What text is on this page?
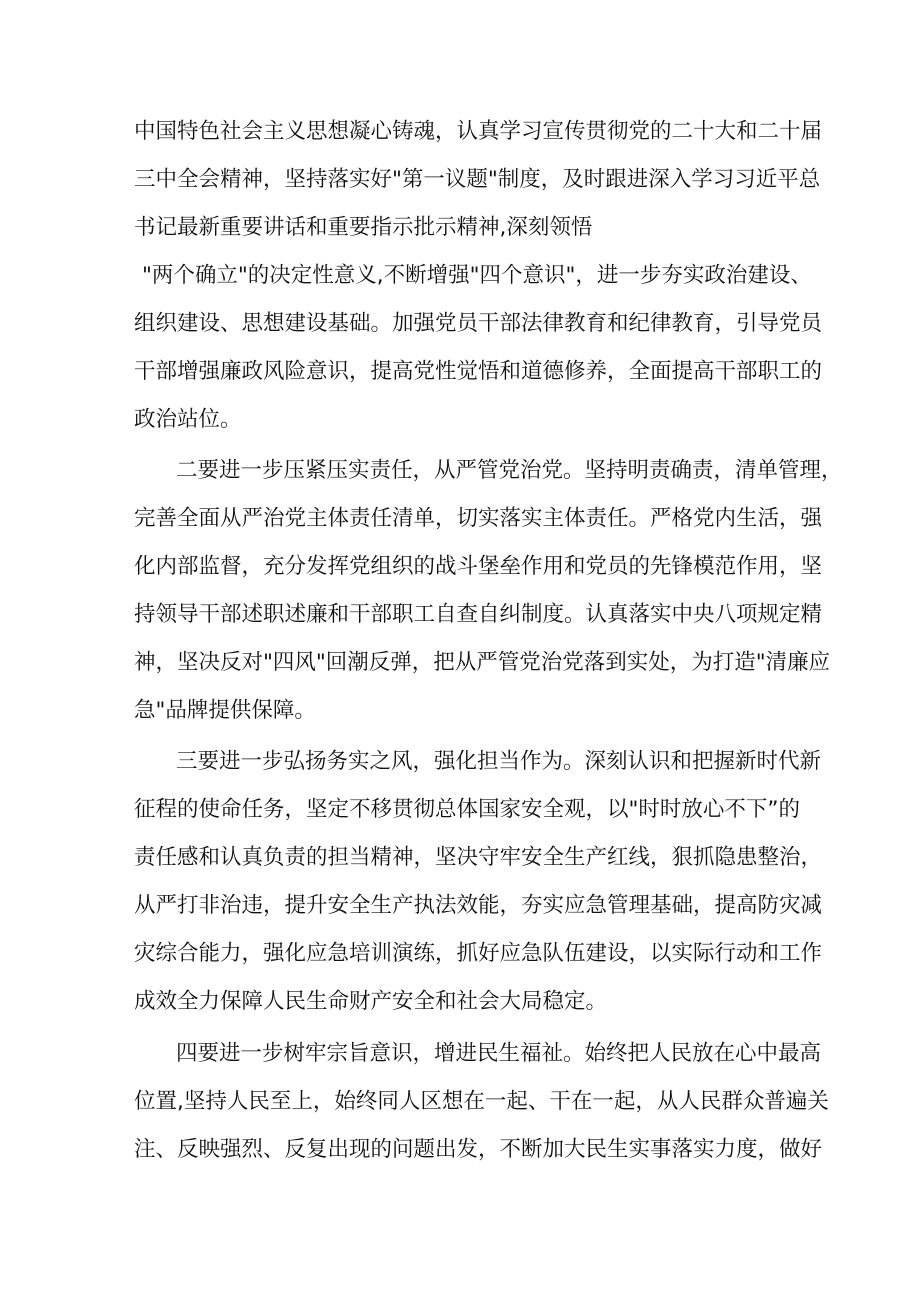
中国特色社会主义思想凝心铸魂，认真学习宣传贯彻党的二十大和二十届
三中全会精神，坚持落实好"第一议题"制度，及时跟进深入学习习近平总
书记最新重要讲话和重要指示批示精神,深刻领悟
"两个确立"的决定性意义,不断增强"四个意识"，进一步夯实政治建设、
组织建设、思想建设基础。加强党员干部法律教育和纪律教育，引导党员
干部增强廉政风险意识，提高党性觉悟和道德修养，全面提高干部职工的
政治站位。
二要进一步压紧压实责任，从严管党治党。坚持明责确责，清单管理，
完善全面从严治党主体责任清单，切实落实主体责任。严格党内生活，强
化内部监督，充分发挥党组织的战斗堡垒作用和党员的先锋模范作用，坚
持领导干部述职述廉和干部职工自查自纠制度。认真落实中央八项规定精
神，坚决反对"四风"回潮反弹，把从严管党治党落到实处，为打造"清廉应
急"品牌提供保障。
三要进一步弘扬务实之风，强化担当作为。深刻认识和把握新时代新
征程的使命任务，坚定不移贯彻总体国家安全观，以"时时放心不下”的
责任感和认真负责的担当精神，坚决守牢安全生产红线，狠抓隐患整治，
从严打非治违，提升安全生产执法效能，夯实应急管理基础，提高防灾减
灾综合能力，强化应急培训演练，抓好应急队伍建设，以实际行动和工作
成效全力保障人民生命财产安全和社会大局稳定。
四要进一步树牢宗旨意识，增进民生福祉。始终把人民放在心中最高
位置,坚持人民至上，始终同人区想在一起、干在一起，从人民群众普遍关
注、反映强烈、反复出现的问题出发，不断加大民生实事落实力度，做好
